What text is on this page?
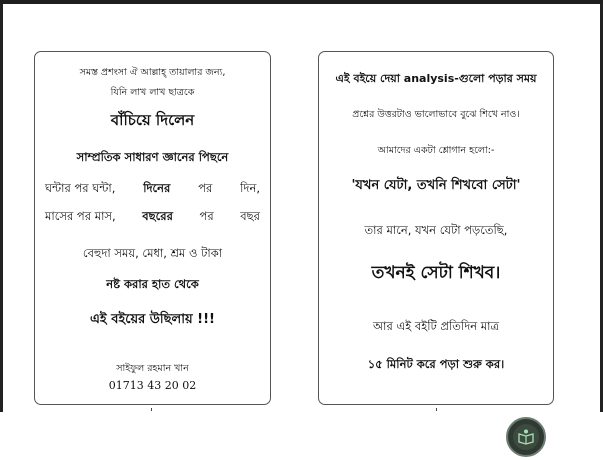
সমস্ত প্রশংসা ঐ আল্লাহ্ তায়ালার জন্য,
যিনি লাখ লাখ ছাত্রকে
বাঁচিয়ে দিলেন
সাম্প্রতিক সাধারণ জ্ঞানের পিছনে
ঘন্টার পর ঘন্টা, দিনের পর দিন,
মাসের পর মাস, বছরের পর বছর
বেহুদা সময়, মেধা, শ্রম ও টাকা
নষ্ট করার হাত থেকে
এই বইয়ের উছিলায় !!!
সাইফুল রহমান খান
01713 43 20 02
এই বইয়ে দেয়া analysis-গুলো পড়ার সময়
প্রশ্নের উত্তরটাও ভালোভাবে বুঝে শিখে নাও।
আমাদের একটা শ্লোগান হলো:-
'যখন যেটা, তখনি শিখবো সেটা'
তার মানে, যখন যেটা পড়তেছি,
তখনই সেটা শিখব।
আর এই বইটি প্রতিদিন মাত্র
১৫ মিনিট করে পড়া শুরু কর।
